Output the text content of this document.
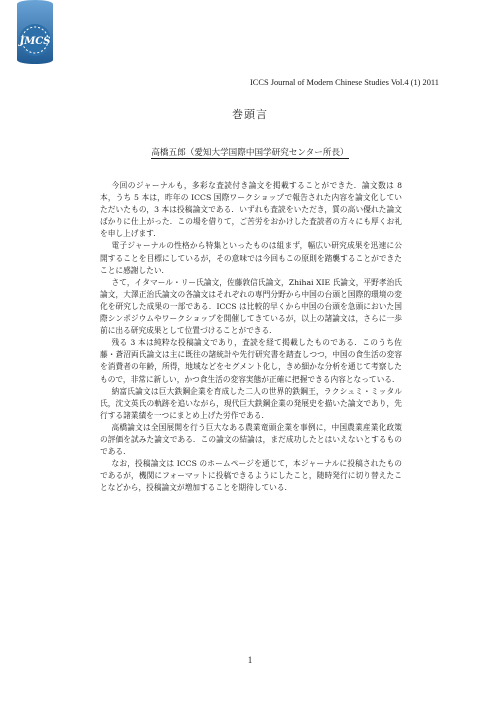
JMCS
ICCS Journal of Modern Chinese Studies Vol.4 (1) 2011
巻頭言
高橋五郎（愛知大学国際中国学研究センター所長）

今回のジャーナルも，多彩な査読付き論文を掲載することができた．論文数は 8 本，うち 5 本は，昨年の ICCS 国際ワークショップで報告された内容を論文化していただいたもの，3 本は投稿論文である．いずれも査読をいただき，質の高い優れた論文ばかりに仕上がった．この場を借りて，ご苦労をおかけした査読者の方々にも厚くお礼を申し上げます．

電子ジャーナルの性格から特集といったものは組まず，幅広い研究成果を迅速に公開することを目標にしているが，その意味では今回もこの原則を踏襲することができたことに感謝したい．

さて，イタマール・リー氏論文，佐藤敦信氏論文，Zhihai XIE 氏論文，平野孝治氏論文，大澤正治氏論文の各論文はそれぞれの専門分野から中国の台頭と国際的環境の変化を研究した成果の一部である．ICCS は比較的早くから中国の台頭を急頭においた国際シンポジウムやワークショップを開催してきているが，以上の諸論文は，さらに一歩前に出る研究成果として位置づけることができる．

残る 3 本は純粋な投稿論文であり，査読を経て掲載したものである．このうち佐藤・蒼沼両氏論文は主に既往の諸統計や先行研究書を踏査しつつ，中国の食生活の変容を消費者の年齢，所得，地域などをセグメント化し，きめ細かな分析を通じて考察したもので，非常に新しい，かつ食生活の変容実態が正確に把握できる内容となっている．

納富氏論文は巨大鉄鋼企業を育成した二人の世界的鉄鋼王，ラクシュミ・ミッタル氏，沈文英氏の軌跡を追いながら，現代巨大鉄鋼企業の発展史を描いた論文であり，先行する諸業績を一つにまとめ上げた労作である．

高橋論文は全国展開を行う巨大なある農業竜頭企業を事例に，中国農業産業化政策の評価を試みた論文である．この論文の結論は，まだ成功したとはいえないとするものである．

なお，投稿論文は ICCS のホームページを通じて，本ジャーナルに投稿されたものであるが，機関にフォーマットに投稿できるようにしたこと，随時発行に切り替えたことなどから，投稿論文が増加することを期待している．

1
